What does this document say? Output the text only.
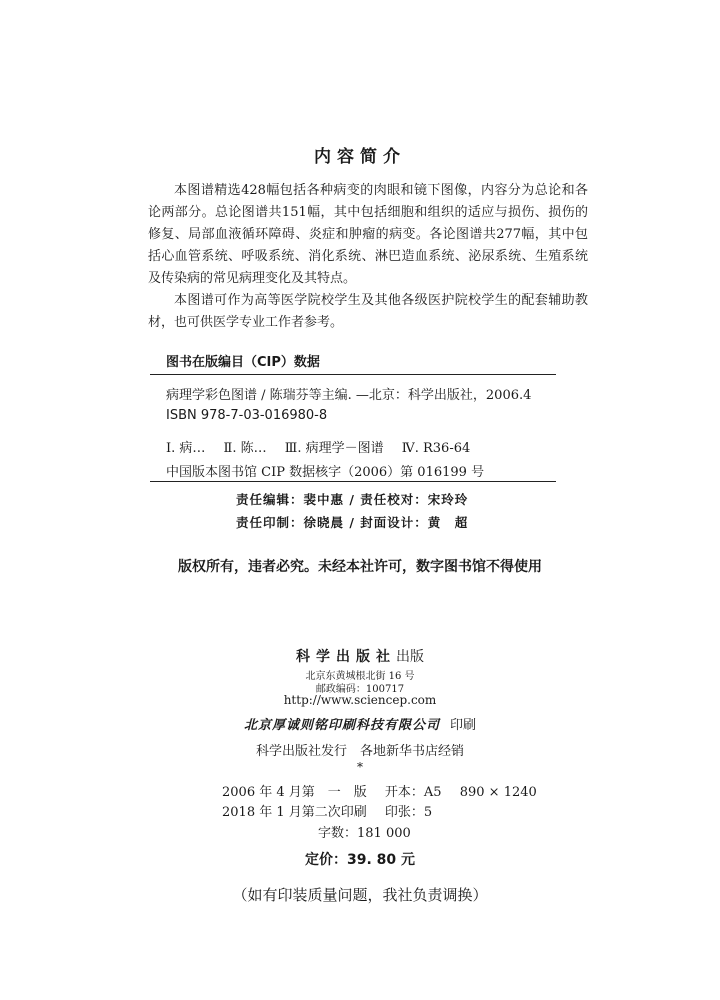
内容简介

本图谱精选428幅包括各种病变的肉眼和镜下图像，内容分为总论和各论两部分。总论图谱共151幅，其中包括细胞和组织的适应与损伤、损伤的修复、局部血液循环障碍、炎症和肿瘤的病变。各论图谱共277幅，其中包括心血管系统、呼吸系统、消化系统、淋巴造血系统、泌尿系统、生殖系统及传染病的常见病理变化及其特点。

本图谱可作为高等医学院校学生及其他各级医护院校学生的配套辅助教材，也可供医学专业工作者参考。

图书在版编目（CIP）数据
病理学彩色图谱 / 陈瑞芬等主编. —北京：科学出版社，2006.4
ISBN 978-7-03-016980-8
Ⅰ. 病… Ⅱ. 陈… Ⅲ. 病理学－图谱 Ⅳ. R36-64
中国版本图书馆 CIP 数据核字（2006）第 016199 号
责任编辑：裴中惠 / 责任校对：宋玲玲
责任印制：徐晓晨 / 封面设计：黄　超
版权所有，违者必究。未经本社许可，数字图书馆不得使用
科学出版社出版
北京东黄城根北街 16 号
邮政编码：100717
http://www.sciencep.com
北京厚诚则铭印刷科技有限公司 印刷
科学出版社发行　各地新华书店经销
*
2006 年 4 月第　一　版 开本：A5 890 × 1240
2018 年 1 月第二次印刷 印张：5
字数：181 000
定价：39. 80 元
（如有印装质量问题，我社负责调换）
